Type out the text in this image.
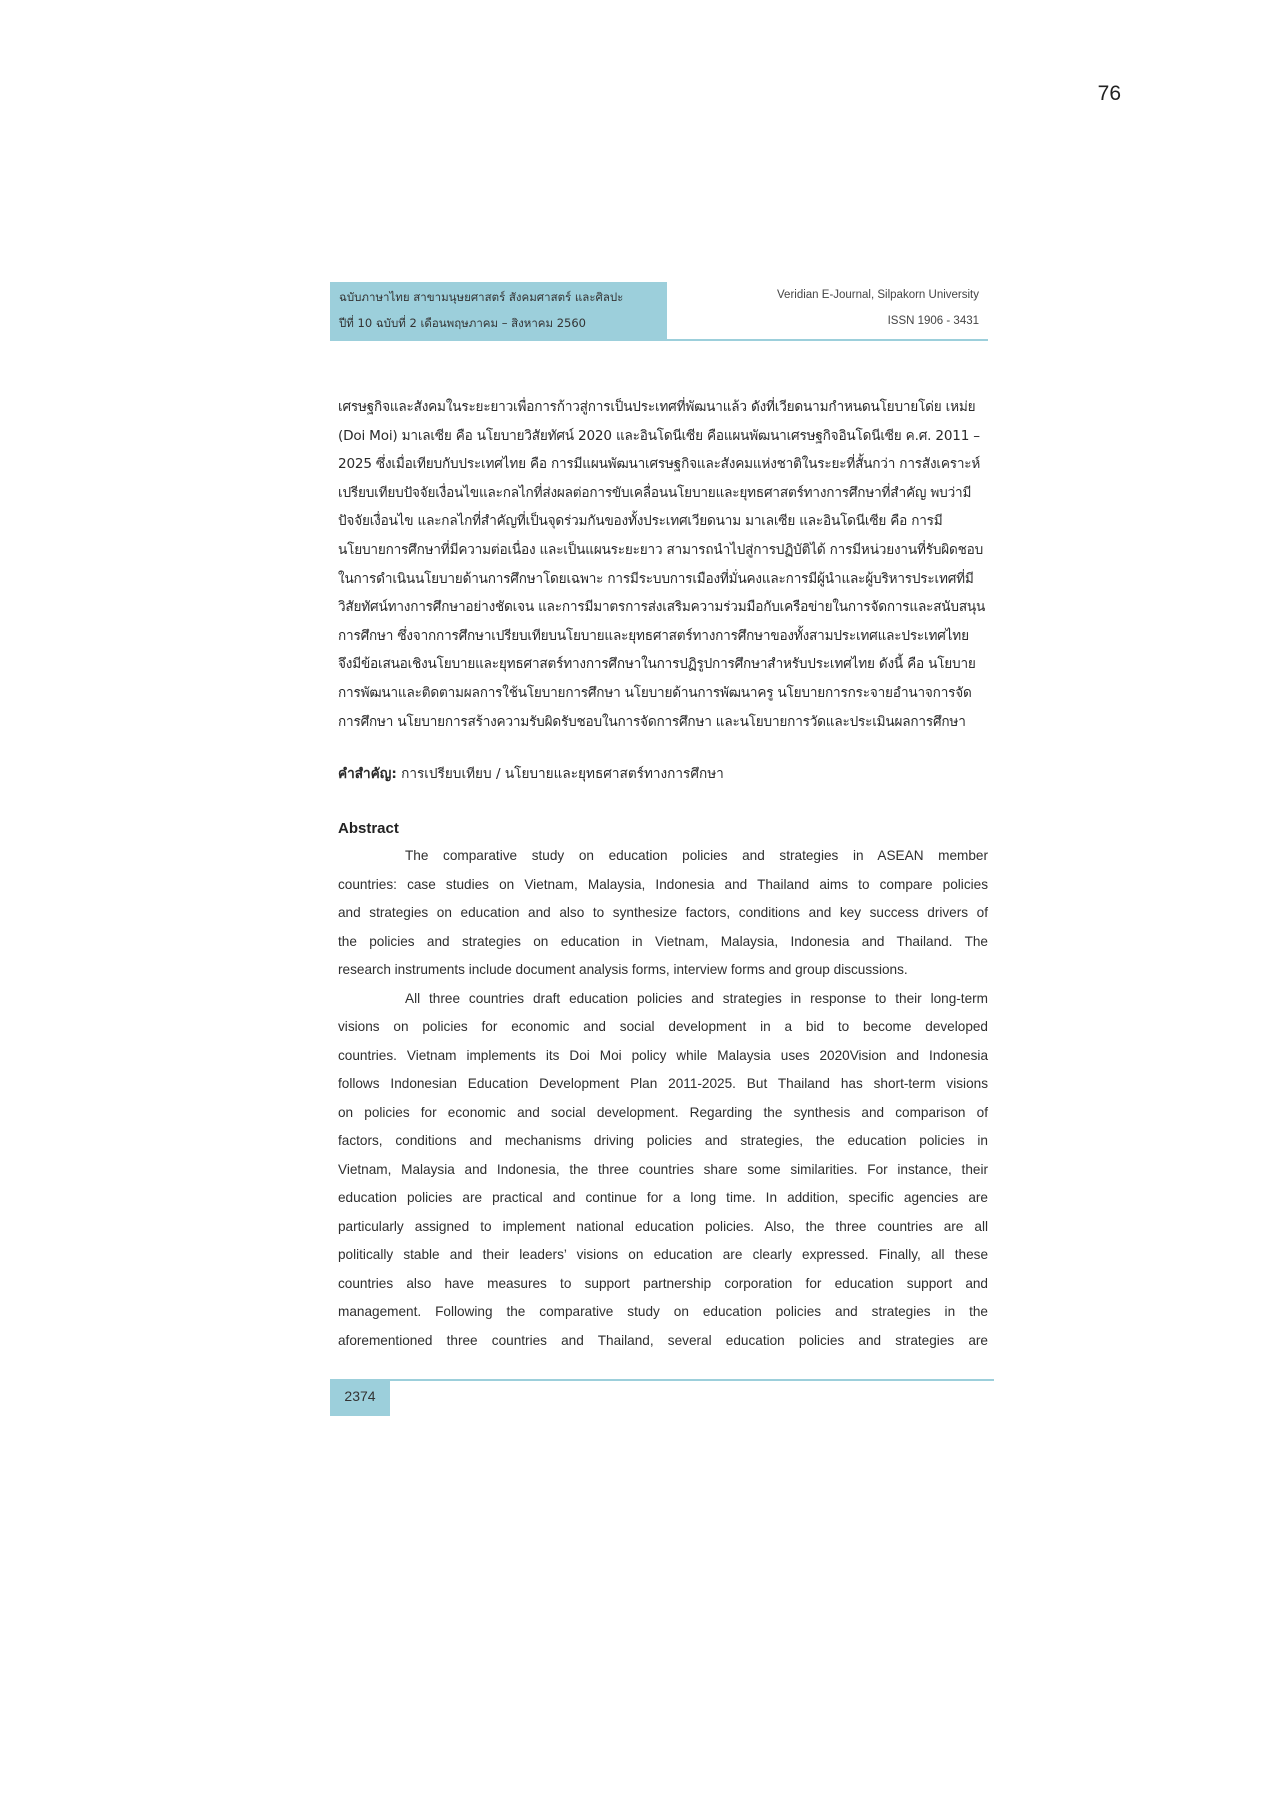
76
ฉบับภาษาไทย สาขามนุษยศาสตร์ สังคมศาสตร์ และศิลปะ
ปีที่ 10 ฉบับที่ 2 เดือนพฤษภาคม – สิงหาคม 2560
Veridian E-Journal, Silpakorn University
ISSN 1906 - 3431
เศรษฐกิจและสังคมในระยะยาวเพื่อการก้าวสู่การเป็นประเทศที่พัฒนาแล้ว ดังที่เวียดนามกำหนดนโยบายโด่ย เหม่ย
(Doi Moi) มาเลเซีย คือ นโยบายวิสัยทัศน์ 2020 และอินโดนีเซีย คือแผนพัฒนาเศรษฐกิจอินโดนีเซีย ค.ศ. 2011 –
2025 ซึ่งเมื่อเทียบกับประเทศไทย คือ การมีแผนพัฒนาเศรษฐกิจและสังคมแห่งชาติในระยะที่สั้นกว่า การสังเคราะห์
เปรียบเทียบปัจจัยเงื่อนไขและกลไกที่ส่งผลต่อการขับเคลื่อนนโยบายและยุทธศาสตร์ทางการศึกษาที่สำคัญ พบว่ามี
ปัจจัยเงื่อนไข และกลไกที่สำคัญที่เป็นจุดร่วมกันของทั้งประเทศเวียดนาม มาเลเซีย และอินโดนีเซีย คือ การมี
นโยบายการศึกษาที่มีความต่อเนื่อง และเป็นแผนระยะยาว สามารถนำไปสู่การปฏิบัติได้ การมีหน่วยงานที่รับผิดชอบ
ในการดำเนินนโยบายด้านการศึกษาโดยเฉพาะ การมีระบบการเมืองที่มั่นคงและการมีผู้นำและผู้บริหารประเทศที่มี
วิสัยทัศน์ทางการศึกษาอย่างชัดเจน และการมีมาตรการส่งเสริมความร่วมมือกับเครือข่ายในการจัดการและสนับสนุน
การศึกษา ซึ่งจากการศึกษาเปรียบเทียบนโยบายและยุทธศาสตร์ทางการศึกษาของทั้งสามประเทศและประเทศไทย
จึงมีข้อเสนอเชิงนโยบายและยุทธศาสตร์ทางการศึกษาในการปฏิรูปการศึกษาสำหรับประเทศไทย ดังนี้ คือ นโยบาย
การพัฒนาและติดตามผลการใช้นโยบายการศึกษา นโยบายด้านการพัฒนาครู นโยบายการกระจายอำนาจการจัด
การศึกษา นโยบายการสร้างความรับผิดรับชอบในการจัดการศึกษา และนโยบายการวัดและประเมินผลการศึกษา
คำสำคัญ: การเปรียบเทียบ / นโยบายและยุทธศาสตร์ทางการศึกษา
Abstract
The comparative study on education policies and strategies in ASEAN member
countries: case studies on Vietnam, Malaysia, Indonesia and Thailand aims to compare policies
and strategies on education and also to synthesize factors, conditions and key success drivers of
the policies and strategies on education in Vietnam, Malaysia, Indonesia and Thailand. The
research instruments include document analysis forms, interview forms and group discussions.
All three countries draft education policies and strategies in response to their long-term
visions on policies for economic and social development in a bid to become developed
countries. Vietnam implements its Doi Moi policy while Malaysia uses 2020Vision and Indonesia
follows Indonesian Education Development Plan 2011-2025. But Thailand has short-term visions
on policies for economic and social development. Regarding the synthesis and comparison of
factors, conditions and mechanisms driving policies and strategies, the education policies in
Vietnam, Malaysia and Indonesia, the three countries share some similarities. For instance, their
education policies are practical and continue for a long time. In addition, specific agencies are
particularly assigned to implement national education policies. Also, the three countries are all
politically stable and their leaders’ visions on education are clearly expressed. Finally, all these
countries also have measures to support partnership corporation for education support and
management. Following the comparative study on education policies and strategies in the
aforementioned three countries and Thailand, several education policies and strategies are
2374
